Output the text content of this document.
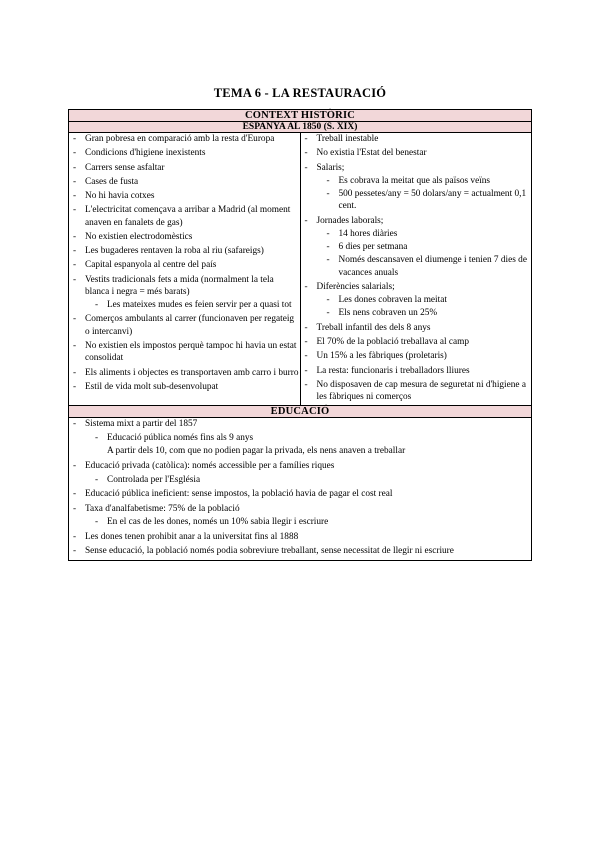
TEMA 6 - LA RESTAURACIÓ
CONTEXT HISTÒRIC
ESPANYA AL 1850 (S. XIX)

- Gran pobresa en comparació amb la resta d'Europa
- Condicions d'higiene inexistents
- Carrers sense asfaltar
- Cases de fusta
- No hi havia cotxes
- L'electricitat començava a arribar a Madrid (al moment anaven en fanalets de gas)
- No existien electrodomèstics
- Les bugaderes rentaven la roba al riu (safareigs)
- Capital espanyola al centre del país
- Vestits tradicionals fets a mida (normalment la tela blanca i negra = més barats)
- Les mateixes mudes es feien servir per a quasi tot
- Comerços ambulants al carrer (funcionaven per regateig o intercanvi)
- No existien els impostos perquè tampoc hi havia un estat consolidat
- Els aliments i objectes es transportaven amb carro i burro
- Estil de vida molt sub-desenvolupat

- Treball inestable
- No existia l'Estat del benestar
- Salaris;
- Es cobrava la meitat que als països veïns
- 500 pessetes/any = 50 dolars/any = actualment 0,1 cent.
- Jornades laborals;
- 14 hores diàries
- 6 dies per setmana
- Només descansaven el diumenge i tenien 7 dies de vacances anuals
- Diferències salarials;
- Les dones cobraven la meitat
- Els nens cobraven un 25%
- Treball infantil des dels 8 anys
- El 70% de la població treballava al camp
- Un 15% a les fàbriques (proletaris)
- La resta: funcionaris i treballadors lliures
- No disposaven de cap mesura de seguretat ni d'higiene a les fàbriques ni comerços

EDUCACIÓ

- Sistema mixt a partir del 1857
- Educació pública només fins als 9 anys
A partir dels 10, com que no podien pagar la privada, els nens anaven a treballar
- Educació privada (catòlica): només accessible per a famílies riques
- Controlada per l'Església
- Educació pública ineficient: sense impostos, la població havia de pagar el cost real
- Taxa d'analfabetisme: 75% de la població
- En el cas de les dones, només un 10% sabia llegir i escriure
- Les dones tenen prohibit anar a la universitat fins al 1888
- Sense educació, la població només podia sobreviure treballant, sense necessitat de llegir ni escriure
